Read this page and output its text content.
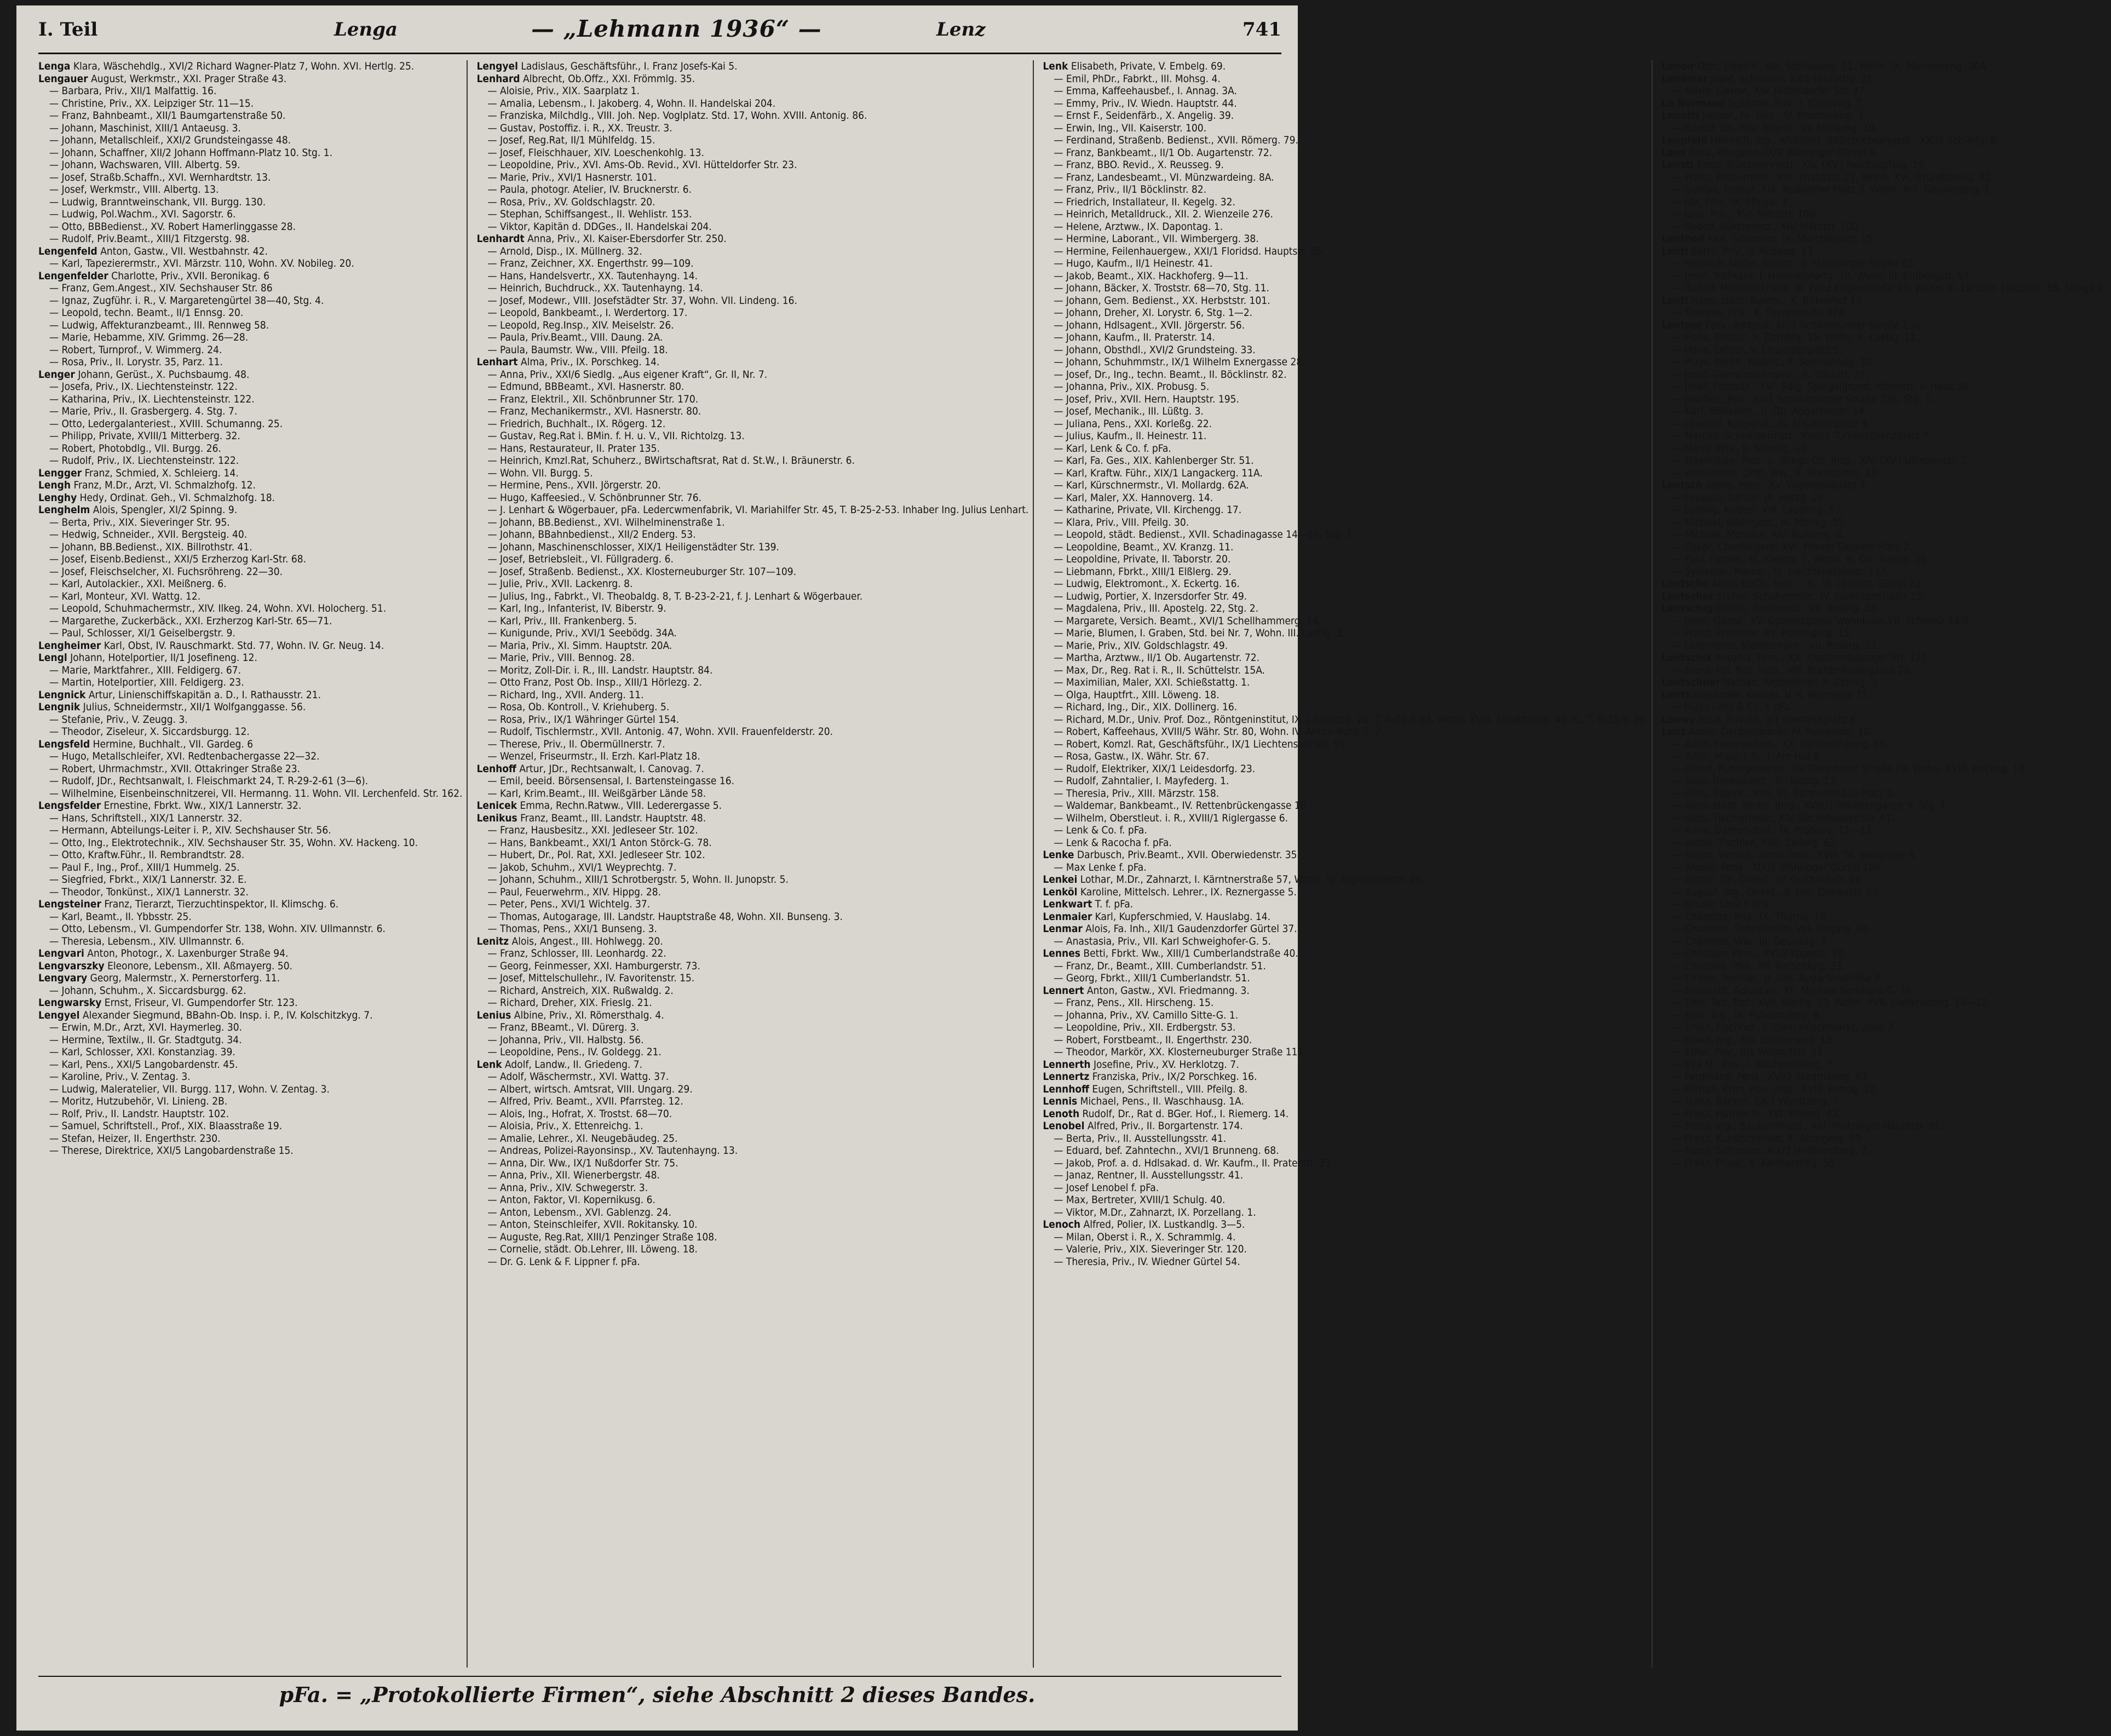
I. Teil	Lenga	— „Lehmann 1936“ —	Lenz	741
Lenga Klara, Wäschehdlg., XVI/2 Richard Wagner-Platz 7, Wohn. XVI. Hertlg. 25.
Lengauer August, Werkmstr., XXI. Prager Straße 43.
— Barbara, Priv., XII/1 Malfattig. 16.
— Christine, Priv., XX. Leipziger Str. 11—15.
— Franz, Bahnbeamt., XII/1 Baumgartenstraße 50.
— Johann, Maschinist, XIII/1 Antaeusg. 3.
— Johann, Metallschleif., XXI/2 Grundsteingasse 48.
— Johann, Schaffner, XII/2 Johann Hoffmann-Platz 10. Stg. 1.
— Johann, Wachswaren, VIII. Albertg. 59.
— Josef, Straßb.Schaffn., XVI. Wernhardtstr. 13.
— Josef, Werkmstr., VIII. Albertg. 13.
— Ludwig, Branntweinschank, VII. Burgg. 130.
— Ludwig, Pol.Wachm., XVI. Sagorstr. 6.
— Otto, BBBedienst., XV. Robert Hamerlinggasse 28.
— Rudolf, Priv.Beamt., XIII/1 Fitzgerstg. 98.
Lengenfeld Anton, Gastw., VII. Westbahnstr. 42.
— Karl, Tapezierermstr., XVI. Märzstr. 110, Wohn. XV. Nobileg. 20.
Lengenfelder Charlotte, Priv., XVII. Beronikag. 6
— Franz, Gem.Angest., XIV. Sechshauser Str. 86
— Ignaz, Zugführ. i. R., V. Margaretengürtel 38—40, Stg. 4.
— Leopold, techn. Beamt., II/1 Ennsg. 20.
— Ludwig, Affekturanzbeamt., III. Rennweg 58.
— Marie, Hebamme, XIV. Grimmg. 26—28.
— Robert, Turnprof., V. Wimmerg. 24.
— Rosa, Priv., II. Lorystr. 35, Parz. 11.
Lenger Johann, Gerüst., X. Puchsbaumg. 48.
— Josefa, Priv., IX. Liechtensteinstr. 122.
— Katharina, Priv., IX. Liechtensteinstr. 122.
— Marie, Priv., II. Grasbergerg. 4. Stg. 7.
— Otto, Ledergalanteriest., XVIII. Schumanng. 25.
— Philipp, Private, XVIII/1 Mitterberg. 32.
— Robert, Photobdlg., VII. Burgg. 26.
— Rudolf, Priv., IX. Liechtensteinstr. 122.
Lengger Franz, Schmied, X. Schleierg. 14.
Lengh Franz, M.Dr., Arzt, VI. Schmalzhofg. 12.
Lenghy Hedy, Ordinat. Geh., VI. Schmalzhofg. 18.
Lenghelm Alois, Spengler, XI/2 Spinng. 9.
— Berta, Priv., XIX. Sieveringer Str. 95.
— Hedwig, Schneider., XVII. Bergsteig. 40.
— Johann, BB.Bedienst., XIX. Billrothstr. 41.
— Josef, Eisenb.Bedienst., XXI/5 Erzherzog Karl-Str. 68.
— Josef, Fleischselcher, XI. Fuchsröhreng. 22—30.
— Karl, Autolackier., XXI. Meißnerg. 6.
— Karl, Monteur, XVI. Wattg. 12.
— Leopold, Schuhmachermstr., XIV. Ilkeg. 24, Wohn. XVI. Holocherg. 51.
— Margarethe, Zuckerbäck., XXI. Erzherzog Karl-Str. 65—71.
— Paul, Schlosser, XI/1 Geiselbergstr. 9.
Lengheimer Karl, Obst, IV. Rauschmarkt. Std. 77, Wohn. IV. Gr. Neug. 14.
Lengl Johann, Hotelportier, II/1 Josefineng. 12.
— Marie, Marktfahrer., XIII. Feldigerg. 67.
— Martin, Hotelportier, XIII. Feldigerg. 23.
Lengnick Artur, Linienschiffskapitän a. D., I. Rathausstr. 21.
Lengnik Julius, Schneidermstr., XII/1 Wolfganggasse. 56.
— Stefanie, Priv., V. Zeugg. 3.
— Theodor, Ziseleur, X. Siccardsburgg. 12.
Lengsfeld Hermine, Buchhalt., VII. Gardeg. 6
— Hugo, Metallschleifer, XVI. Redtenbachergasse 22—32.
— Robert, Uhrmachmstr., XVII. Ottakringer Straße 23.
— Rudolf, JDr., Rechtsanwalt, I. Fleischmarkt 24, T. R-29-2-61 (3—6).
— Wilhelmine, Eisenbeinschnitzerei, VII. Hermanng. 11. Wohn. VII. Lerchenfeld. Str. 162.
Lengsfelder Ernestine, Fbrkt. Ww., XIX/1 Lannerstr. 32.
— Hans, Schriftstell., XIX/1 Lannerstr. 32.
— Hermann, Abteilungs-Leiter i. P., XIV. Sechshauser Str. 56.
— Otto, Ing., Elektrotechnik., XIV. Sechshauser Str. 35, Wohn. XV. Hackeng. 10.
— Otto, Kraftw.Führ., II. Rembrandtstr. 28.
— Paul F., Ing., Prof., XIII/1 Hummelg. 25.
— Siegfried, Fbrkt., XIX/1 Lannerstr. 32. E.
— Theodor, Tonkünst., XIX/1 Lannerstr. 32.
Lengsteiner Franz, Tierarzt, Tierzuchtinspektor, II. Klimschg. 6.
— Karl, Beamt., II. Ybbsstr. 25.
— Otto, Lebensm., VI. Gumpendorfer Str. 138, Wohn. XIV. Ullmannstr. 6.
— Theresia, Lebensm., XIV. Ullmannstr. 6.
Lengvari Anton, Photogr., X. Laxenburger Straße 94.
Lengvarszky Eleonore, Lebensm., XII. Aßmayerg. 50.
Lengvary Georg, Malermstr., X. Pernerstorferg. 11.
— Johann, Schuhm., X. Siccardsburgg. 62.
Lengwarsky Ernst, Friseur, VI. Gumpendorfer Str. 123.
Lengyel Alexander Siegmund, BBahn-Ob. Insp. i. P., IV. Kolschitzkyg. 7.
— Erwin, M.Dr., Arzt, XVI. Haymerleg. 30.
— Hermine, Textilw., II. Gr. Stadtgutg. 34.
— Karl, Schlosser, XXI. Konstanziag. 39.
— Karl, Pens., XXI/5 Langobardenstr. 45.
— Karoline, Priv., V. Zentag. 3.
— Ludwig, Maleratelier, VII. Burgg. 117, Wohn. V. Zentag. 3.
— Moritz, Hutzubehör, VI. Linieng. 2B.
— Rolf, Priv., II. Landstr. Hauptstr. 102.
— Samuel, Schriftstell., Prof., XIX. Blaasstraße 19.
— Stefan, Heizer, II. Engerthstr. 230.
— Therese, Direktrice, XXI/5 Langobardenstraße 15.
Lengyel Ladislaus, Geschäftsführ., I. Franz Josefs-Kai 5.
Lenhard Albrecht, Ob.Offz., XXI. Frömmlg. 35.
— Aloisie, Priv., XIX. Saarplatz 1.
— Amalia, Lebensm., I. Jakoberg. 4, Wohn. II. Handelskai 204.
— Franziska, Milchdlg., VIII. Joh. Nep. Voglplatz. Std. 17, Wohn. XVIII. Antonig. 86.
— Gustav, Postoffiz. i. R., XX. Treustr. 3.
— Josef, Reg.Rat, II/1 Mühlfeldg. 15.
— Josef, Fleischhauer, XIV. Loeschenkohlg. 13.
— Leopoldine, Priv., XVI. Ams-Ob. Revid., XVI. Hütteldorfer Str. 23.
— Marie, Priv., XVI/1 Hasnerstr. 101.
— Paula, photogr. Atelier, IV. Brucknerstr. 6.
— Rosa, Priv., XV. Goldschlagstr. 20.
— Stephan, Schiffsangest., II. Wehlistr. 153.
— Viktor, Kapitän d. DDGes., II. Handelskai 204.
Lenhardt Anna, Priv., XI. Kaiser-Ebersdorfer Str. 250.
— Arnold, Disp., IX. Müllnerg. 32.
— Franz, Zeichner, XX. Engerthstr. 99—109.
— Hans, Handelsvertr., XX. Tautenhayng. 14.
— Heinrich, Buchdruck., XX. Tautenhayng. 14.
— Josef, Modewr., VIII. Josefstädter Str. 37, Wohn. VII. Lindeng. 16.
— Leopold, Bankbeamt., I. Werdertorg. 17.
— Leopold, Reg.Insp., XIV. Meiselstr. 26.
— Paula, Priv.Beamt., VIII. Daung. 2A.
— Paula, Baumstr. Ww., VIII. Pfeilg. 18.
Lenhart Alma, Priv., IX. Porschkeg. 14.
— Anna, Priv., XXI/6 Siedlg. „Aus eigener Kraft“, Gr. II, Nr. 7.
— Edmund, BBBeamt., XVI. Hasnerstr. 80.
— Franz, Elektril., XII. Schönbrunner Str. 170.
— Franz, Mechanikermstr., XVI. Hasnerstr. 80.
— Friedrich, Buchhalt., IX. Rögerg. 12.
— Gustav, Reg.Rat i. BMin. f. H. u. V., VII. Richtolzg. 13.
— Hans, Restaurateur, II. Prater 135.
— Heinrich, Kmzl.Rat, Schuherz., BWirtschaftsrat, Rat d. St.W., I. Bräunerstr. 6.
— Wohn. VII. Burgg. 5.
— Hermine, Pens., XVII. Jörgerstr. 20.
— Hugo, Kaffeesied., V. Schönbrunner Str. 76.
— J. Lenhart & Wögerbauer, pFa. Ledercwmenfabrik, VI. Mariahilfer Str. 45, T. B-25-2-53. Inhaber Ing. Julius Lenhart.
— Johann, BB.Bedienst., XVI. Wilhelminenstraße 1.
— Johann, BBahnbedienst., XII/2 Enderg. 53.
— Johann, Maschinenschlosser, XIX/1 Heiligenstädter Str. 139.
— Josef, Betriebsleit., VI. Füllgraderg. 6.
— Josef, Straßenb. Bedienst., XX. Klosterneuburger Str. 107—109.
— Julie, Priv., XVII. Lackenrg. 8.
— Julius, Ing., Fabrkt., VI. Theobaldg. 8, T. B-23-2-21, f. J. Lenhart & Wögerbauer.
— Karl, Ing., Infanterist, IV. Biberstr. 9.
— Karl, Priv., III. Frankenberg. 5.
— Kunigunde, Priv., XVI/1 Seebödg. 34A.
— Maria, Priv., XI. Simm. Hauptstr. 20A.
— Marie, Priv., VIII. Bennog. 28.
— Moritz, Zoll-Dir. i. R., III. Landstr. Hauptstr. 84.
— Otto Franz, Post Ob. Insp., XIII/1 Hörlezg. 2.
— Richard, Ing., XVII. Anderg. 11.
— Rosa, Ob. Kontroll., V. Kriehuberg. 5.
— Rosa, Priv., IX/1 Währinger Gürtel 154.
— Rudolf, Tischlermstr., XVII. Antonig. 47, Wohn. XVII. Frauenfelderstr. 20.
— Therese, Priv., II. Obermüllnerstr. 7.
— Wenzel, Friseurmstr., II. Erzh. Karl-Platz 18.
Lenhoff Artur, JDr., Rechtsanwalt, I. Canovag. 7.
— Emil, beeid. Börsensensal, I. Bartensteingasse 16.
— Karl, Krim.Beamt., III. Weißgärber Lände 58.
Lenicek Emma, Rechn.Ratww., VIII. Lederergasse 5.
Lenikus Franz, Beamt., III. Landstr. Hauptstr. 48.
— Franz, Hausbesitz., XXI. Jedleseer Str. 102.
— Hans, Bankbeamt., XXI/1 Anton Störck-G. 78.
— Hubert, Dr., Pol. Rat, XXI. Jedleseer Str. 102.
— Jakob, Schuhm., XVI/1 Weyprechtg. 7.
— Johann, Schuhm., XIII/1 Schrotbergstr. 5, Wohn. II. Junopstr. 5.
— Paul, Feuerwehrm., XIV. Hippg. 28.
— Peter, Pens., XVI/1 Wichtelg. 37.
— Thomas, Autogarage, III. Landstr. Hauptstraße 48, Wohn. XII. Bunseng. 3.
— Thomas, Pens., XXI/1 Bunseng. 3.
Lenitz Alois, Angest., III. Hohlwegg. 20.
— Franz, Schlosser, III. Leonhardg. 22.
— Georg, Feinmesser, XXI. Hamburgerstr. 73.
— Josef, Mittelschullehr., IV. Favoritenstr. 15.
— Richard, Anstreich, XIX. Rußwaldg. 2.
— Richard, Dreher, XIX. Frieslg. 21.
Lenius Albine, Priv., XI. Römersthalg. 4.
— Franz, BBeamt., VI. Dürerg. 3.
— Johanna, Priv., VII. Halbstg. 56.
— Leopoldine, Pens., IV. Goldegg. 21.
Lenk Adolf, Landw., II. Griedeng. 7.
— Adolf, Wäschermstr., XVI. Wattg. 37.
— Albert, wirtsch. Amtsrat, VIII. Ungarg. 29.
— Alfred, Priv. Beamt., XVII. Pfarrsteg. 12.
— Alois, Ing., Hofrat, X. Trostst. 68—70.
— Aloisia, Priv., X. Ettenreichg. 1.
— Amalie, Lehrer., XI. Neugebäudeg. 25.
— Andreas, Polizei-Rayonsinsp., XV. Tautenhayng. 13.
— Anna, Dir. Ww., IX/1 Nußdorfer Str. 75.
— Anna, Priv., XII. Wienerbergstr. 48.
— Anna, Priv., XIV. Schwegerstr. 3.
— Anton, Faktor, VI. Kopernikusg. 6.
— Anton, Lebensm., XVI. Gablenzg. 24.
— Anton, Steinschleifer, XVII. Rokitansky. 10.
— Auguste, Reg.Rat, XIII/1 Penzinger Straße 108.
— Cornelie, städt. Ob.Lehrer, III. Löweng. 18.
— Dr. G. Lenk & F. Lippner f. pFa.
Lenk Elisabeth, Private, V. Embelg. 69.
— Emil, PhDr., Fabrkt., III. Mohsg. 4.
— Emma, Kaffeehausbef., I. Annag. 3A.
— Emmy, Priv., IV. Wiedn. Hauptstr. 44.
— Ernst F., Seidenfärb., X. Angelig. 39.
— Erwin, Ing., VII. Kaiserstr. 100.
— Ferdinand, Straßenb. Bedienst., XVII. Römerg. 79.
— Franz, Bankbeamt., II/1 Ob. Augartenstr. 72.
— Franz, BBO. Revid., X. Reusseg. 9.
— Franz, Landesbeamt., VI. Münzwardeing. 8A.
— Franz, Priv., II/1 Böcklinstr. 82.
— Friedrich, Installateur, II. Kegelg. 32.
— Heinrich, Metalldruck., XII. 2. Wienzeile 276.
— Helene, Arztww., IX. Dapontag. 1.
— Hermine, Laborant., VII. Wimbergerg. 38.
— Hermine, Feilenhauergew., XXI/1 Floridsd. Hauptstr. 35.
— Hugo, Kaufm., II/1 Heinestr. 41.
— Jakob, Beamt., XIX. Hackhoferg. 9—11.
— Johann, Bäcker, X. Troststr. 68—70, Stg. 11.
— Johann, Gem. Bedienst., XX. Herbststr. 101.
— Johann, Dreher, XI. Lorystr. 6, Stg. 1—2.
— Johann, Hdlsagent., XVII. Jörgerstr. 56.
— Johann, Kaufm., II. Praterstr. 14.
— Johann, Obsthdl., XVI/2 Grundsteing. 33.
— Johann, Schuhmmstr., IX/1 Wilhelm Exnergasse 28.
— Josef, Dr., Ing., techn. Beamt., II. Böcklinstr. 82.
— Johanna, Priv., XIX. Probusg. 5.
— Josef, Priv., XVII. Hern. Hauptstr. 195.
— Josef, Mechanik., III. Lüßtg. 3.
— Juliana, Pens., XXI. Korleßg. 22.
— Julius, Kaufm., II. Heinestr. 11.
— Karl, Lenk & Co. f. pFa.
— Karl, Fa. Ges., XIX. Kahlenberger Str. 51.
— Karl, Kraftw. Führ., XIX/1 Langackerg. 11A.
— Karl, Kürschnermstr., VI. Mollardg. 62A.
— Karl, Maler, XX. Hannoverg. 14.
— Katharine, Private, VII. Kirchengg. 17.
— Klara, Priv., VIII. Pfeilg. 30.
— Leopold, städt. Bedienst., XVII. Schadinagasse 14—16, Stg. 1.
— Leopoldine, Beamt., XV. Kranzg. 11.
— Leopoldine, Private, II. Taborstr. 20.
— Liebmann, Fbrkt., XIII/1 Elßlerg. 29.
— Ludwig, Elektromont., X. Eckertg. 16.
— Ludwig, Portier, X. Inzersdorfer Str. 49.
— Magdalena, Priv., III. Apostelg. 22, Stg. 2.
— Margarete, Versich. Beamt., XVI/1 Schellhammerg. 14.
— Marie, Blumen, I. Graben, Std. bei Nr. 7, Wohn. III. Lustig. 3.
— Marie, Priv., XIV. Goldschlagstr. 49.
— Martha, Arztww., II/1 Ob. Augartenstr. 72.
— Max, Dr., Reg. Rat i. R., II. Schüttelstr. 15A.
— Maximilian, Maler, XXI. Schießstattg. 1.
— Olga, Hauptfrt., XIII. Löweng. 18.
— Richard, Ing., Dir., XIX. Dollinerg. 16.
— Richard, M.Dr., Univ. Prof. Doz., Röntgeninstitut, IX. Lazarettg. 20, T. A-25-0-83, Wohn. XVIII. Stadtfriedg. 49. E., T. B-15-9-39.
— Robert, Kaffeehaus, XVIII/5 Währ. Str. 80, Wohn. IV. Anton Burg-G. 2.
— Robert, Komzl. Rat, Geschäftsführ., IX/1 Liechtensteinstr. 59.
— Rosa, Gastw., IX. Währ. Str. 67.
— Rudolf, Elektriker, XIX/1 Leidesdorfg. 23.
— Rudolf, Zahntalier, I. Mayfederg. 1.
— Theresia, Priv., XIII. Märzstr. 158.
— Waldemar, Bankbeamt., IV. Rettenbrückengasse 18.
— Wilhelm, Oberstleut. i. R., XVIII/1 Riglergasse 6.
— Lenk & Co. f. pFa.
— Lenk & Racocha f. pFa.
Lenke Darbusch, Priv.Beamt., XVII. Oberwiedenstr. 35.
— Max Lenke f. pFa.
Lenkei Lothar, M.Dr., Zahnarzt, I. Kärntnerstraße 57, Wohn. IV. Argentinierstr. 26.
Lenköl Karoline, Mittelsch. Lehrer., IX. Reznergasse 5.
Lenkwart T. f. pFa.
Lenmaier Karl, Kupferschmied, V. Hauslabg. 14.
Lenmar Alois, Fa. Inh., XII/1 Gaudenzdorfer Gürtel 37.
— Anastasia, Priv., VII. Karl Schweighofer-G. 5.
Lennes Betti, Fbrkt. Ww., XIII/1 Cumberlandstraße 40.
— Franz, Dr., Beamt., XIII. Cumberlandstr. 51.
— Georg, Fbrkt., XIII/1 Cumberlandstr. 51.
Lennert Anton, Gastw., XVI. Friedmanng. 3.
— Franz, Pens., XII. Hirscheng. 15.
— Johanna, Priv., XV. Camillo Sitte-G. 1.
— Leopoldine, Priv., XII. Erdbergstr. 53.
— Robert, Forstbeamt., II. Engerthstr. 230.
— Theodor, Markör, XX. Klosterneuburger Straße 111.
Lennerth Josefine, Priv., XV. Herklotzg. 7.
Lennertz Franziska, Priv., IX/2 Porschkeg. 16.
Lennhoff Eugen, Schriftstell., VIII. Pfeilg. 8.
Lennis Michael, Pens., II. Waschhausg. 1A.
Lenoth Rudolf, Dr., Rat d. BGer. Hof., I. Riemerg. 14.
Lenobel Alfred, Priv., II. Borgartenstr. 174.
— Berta, Priv., II. Ausstellungsstr. 41.
— Eduard, bef. Zahntechn., XVI/1 Brunneng. 68.
— Jakob, Prof. a. d. Hdlsakad. d. Wr. Kaufm., II. Praterstr. 23.
— Janaz, Rentner, II. Ausstellungsstr. 41.
— Josef Lenobel f. pFa.
— Max, Bertreter, XVIII/1 Schulg. 40.
— Viktor, M.Dr., Zahnarzt, IX. Porzellang. 1.
Lenoch Alfred, Polier, IX. Lustkandlg. 3—5.
— Milan, Oberst i. R., X. Schrammlg. 4.
— Valerie, Priv., XIX. Sieveringer Str. 120.
— Theresia, Priv., IV. Wiedner Gürtel 54.
Lenoir Otto, Elektril., VIII. Schlösselg. 11. Wohn. IX. Marianneng. 30A.
Lenomar Josef, Schlosser, XII/1 Malfattig. 21.
— Marie, Gastw., XIV. Hütteldorfer Str. 97.
Le Normand Susanne, Priv., I. Canovag. 7.
Lenotti Johann, Fa. Ges., IV. Mommseng. 3.
— Rudolf, Dr., Priv. Beamt., VI. Mollardg. 19.
Lenpfeld Heinrich, Ing., Architekt, BBBetriebsangest., XXI/1 Schleifg. 8.
Lens Rosa, Pflegerin, IX/2 Währinger Gürtel 8.
Lensti Ernst, Bürstenmmstr., XIV. (XV.) Reichsapfelg. 19.
— Franz, Friseurmstr., XVI. Thaliastr. 21, Wohn. XVI. Grundsteing. 32.
— Gustav, Friseur, XIX. Nußdorfer Platz 3, Wohn. XIX. Geistingerg. 1.
— Ida, Priv., IX. Pfluga. 3.
— Julie, Priv., XVI. Märzstr. 100.
— Rudolf, Bürstenerz., XIV. Märzstr. 100.
Lentholl Karl, Schlosser, IX. Marchfeldstr. 15.
Lenti Berta, Priv., II. Rüdeng. 13.
— Heinrich, techn. Beamt., II. Hainburger Straße 65.
— Josef, Trafikant, I. Himmelpfortg. 20, Wohn. III. Erdbergstr. 67.
— Rudolf, Milchtrinkhalle, III. Prinz Eugenstraße 27, Wohn. III. Landstr. Hauptstr. 86, Stiege 2.
Lentl Hans, städt. Beamt., X. Birkenhof 13.
— Therese, Priv., X. Favoritenstr. 124.
Lentner Felix, Amtsrat, XII/1 Schönbrunner Straße 236.
— Hans, Friseur, X. Dampfg. 16, Wohn. X. Leebg. 11.
— Hans, Lehrer, V. Einsiedlerplatz 5.
— Hugo, techn. Beamt., II. Sonnwendg. 30.
— Josef, Gemeindeangest., II. Ybbsstr. 27.
— Josef, Postadjt., XVI. Sdlg. Spiegelgrund, Wohnstr. V. Haus 56.
— Josefine, Priv., XII/1 Schönbrunner Straße 236, Stg. 1.
— Karl, BBBeamt., II. Ob. Augartenstr. 14.
— Leopold, Kooperat., IV. Elisabethplatz 9.
— Marcell, Schneidermstr., XVIII/1 Türkenschanzplatz 7.
— Marie, Priv., II. Schreig. 12.
— Maximilian, Post- u. Telegr. Ob. Insp., XIV. (XV.) Ullmannstr. 2.
— Wilhelmine, Offzl. Ww., X. Humboldtg. 13.
Lentsch Adele, Pens., XV. Vogelweidplatz 3.
— Leopold, Sattler, III. Hetzg. 26.
— Ludwig, Kellner, VIII. Laudong. 57.
— Michael, BBAngest., III. Mohsg. 35.
— Michael, Monteur, XIV. Rustenq. 8.
— Oskar, Chordirigent, XVI. Pfarrer Deckert-Platz 2.
— Paul, Farbwr., III. Kleistg. 7, Wohn. III. Ob. Bahng. 26.
— Sylvester, Maurer, IX. Liechtensteinstr. 127.
Lentsche Albin, BBOb. Insp. i. R., III. Landstr. Gürtel 23.
Lentscher Stefan, Schuhmmstr., IV. Favoritenstraße 15.
Lentschig Cäcilie, Amtsrevid., VII. Reslitg. 23.
— Josef, Gastw., XV. Gablenzgasse Wohnhaus VII. Schmelz 14/6.
— Franz, Erzeditor, XV. Possingerg. 15.
— Leopoldine, Kleidermach., VII. Reslitg. 23.
Lentschik Antonia, Pens., XX. Klosterneuburger Str. 121.
— Franz, Pol. Bez. Insp., VIII. Breitenfeldergasse 20.
Lentschner Nathan, Anstreicher, II. Czinsg. 3.
Lentz Alexander, Kellner, V. R. Wienzeile 77.
— Hugo Lenz & Co. f. pFa.
Lenwy Rosa, Private, II/1 Sterneckplatz 8.
Lenz Adele, Garderobierin, IV. Paulanerg. 10.
— Adolf, Feuerwehrm., XX. Heinzelmanng. 19.
— Adolf, Major i. R., I. Am Hof 8.
— Alfred, Kunstgewerbe, XV. Gersthofer Straße 28, Wohn. XVIII. Hockeg. 18.
— Alois, Bankbeamt., III. Blattg. 13.
— Alois, Beamt., XVII. St. Bartholomäus-Platz 3.
— Alois, städt. techn. Insp., XVIII/1 Paulinengasse 9, Stg. 1.
— Alois, Tischlermstr., XIV. Sechshauser Str. 61.
— Anna, Damenkleid., IX. Probusg. 11—13.
— Anton, Tischler, XVII. Zeilerg. 63.
— Anton, Versich. Zentr. Insp., XVIII. St. Beitgasse 4.
— Arnold, Pens., XIX/1 Währinger Gürtel 106.
— Arthur, Dr., Direkt., IV. Gußhausstr. 16.
— August, Ing., Direkt., II. Unt. Donaustr. 23.
— Brüder Lenz f. pFa.
— Charlotte, Priv., IX. Thurng. 19.
— Charlotte, Schneiderin, VIII. Ungarg. 46.
— Charlotte, Ww., III. Geusaug. 7.
— Christian, Pens., XVI/2 Koppstr. 70.
— Christine, Priv., XII. Ratschkyg. 33.
— Efraim, Textilwr., II. Unt. Augartenstraße 8.
— Elisabeth, Adjustier., XII. Michael Bernhard-G. 16.
— Emil, Tab. Traf., XVII. Weißg. 53, Wohn. XVII. Liebknechtg. 10—12.
— Emil, Ing., IX. Pulverturmg. 8.
— Erwin, Fischhdl., I. Zentralfischmarkt, Zelle 3.
— Erwin, Ing., XIII. Diesterweg. 13.
— Ethel, Priv., II/1 Wolmutstr. 23.
— Eva M., Priv., I. Rauhensteing. 7.
— Ferdinand, Pens., XVI/2 Stegmaierg. 63.
— Florian, Krim. Rev. Insp., XVIII. Ferrog. 10.
— Franz, Bäcker, XX/1 Wurlitzerg. 7.
— Franz, Hutmach., XVI. Höferg. 43.
— Franz, Ing., Bautommisss., XIII. Hietzinger Hauptstr. 81.
— Franz, Kunstschmied, X. Alzingerg. 69.
— Franz, Schlosser, XIX/2 Hirnbrecherg. 2.
— Franz, Privat, X. Karmarschg. 50.
pFa. = „Protokollierte Firmen“, siehe Abschnitt 2 dieses Bandes.
